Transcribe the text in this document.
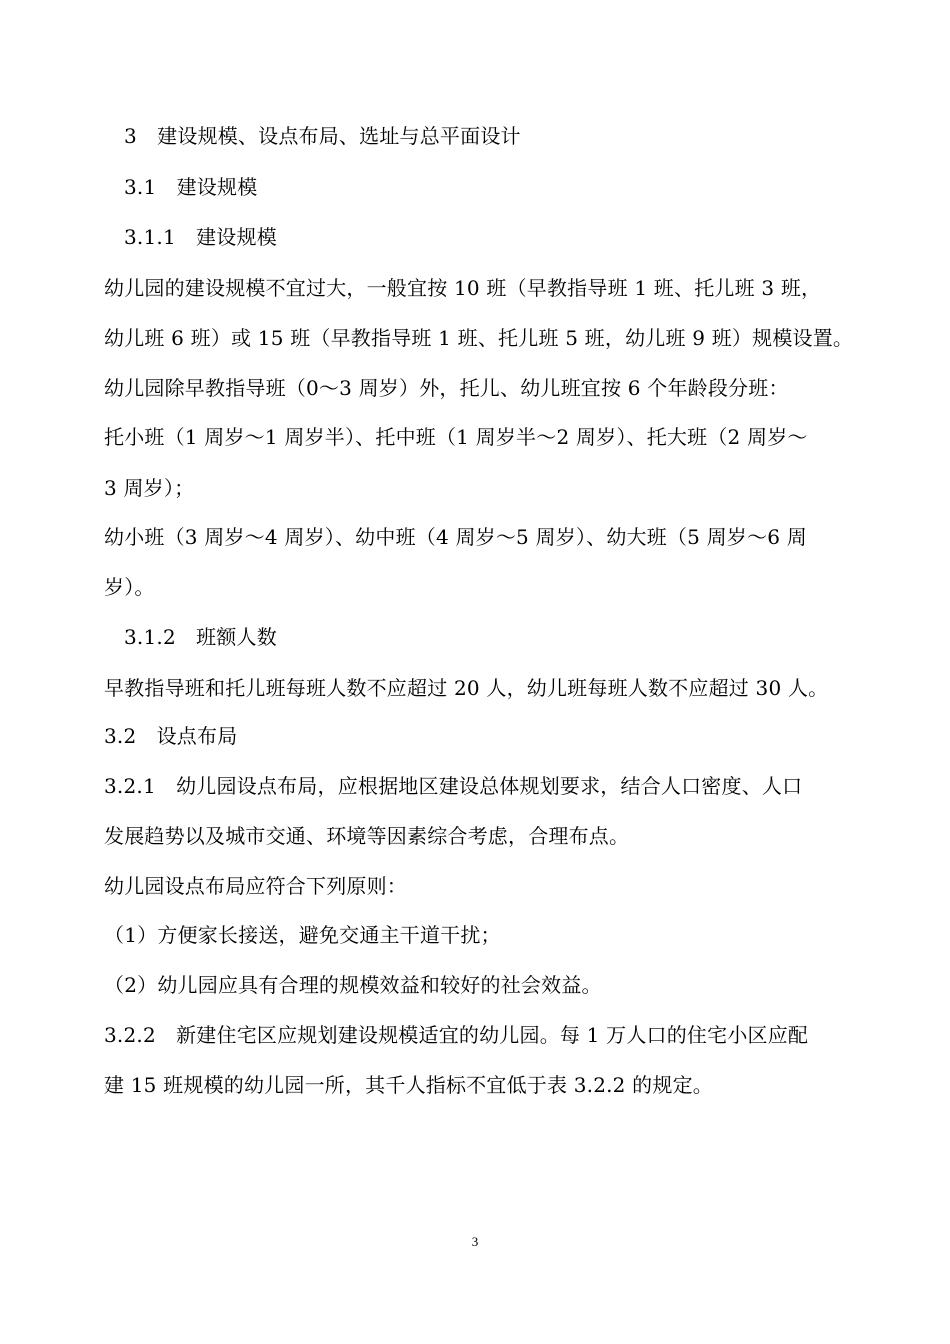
3　建设规模、设点布局、选址与总平面设计
3.1　建设规模
3.1.1　建设规模
幼儿园的建设规模不宜过大，一般宜按 10 班（早教指导班 1 班、托儿班 3 班，
幼儿班 6 班）或 15 班（早教指导班 1 班、托儿班 5 班，幼儿班 9 班）规模设置。
幼儿园除早教指导班（0～3 周岁）外，托儿、幼儿班宜按 6 个年龄段分班：
托小班（1 周岁～1 周岁半）、托中班（1 周岁半～2 周岁）、托大班（2 周岁～
3 周岁）；
幼小班（3 周岁～4 周岁）、幼中班（4 周岁～5 周岁）、幼大班（5 周岁～6 周
岁）。
3.1.2　班额人数
早教指导班和托儿班每班人数不应超过 20 人，幼儿班每班人数不应超过 30 人。
3.2　设点布局
3.2.1　幼儿园设点布局，应根据地区建设总体规划要求，结合人口密度、人口
发展趋势以及城市交通、环境等因素综合考虑，合理布点。
幼儿园设点布局应符合下列原则：
（1）方便家长接送，避免交通主干道干扰；
（2）幼儿园应具有合理的规模效益和较好的社会效益。
3.2.2　新建住宅区应规划建设规模适宜的幼儿园。每 1 万人口的住宅小区应配
建 15 班规模的幼儿园一所，其千人指标不宜低于表 3.2.2 的规定。
3
